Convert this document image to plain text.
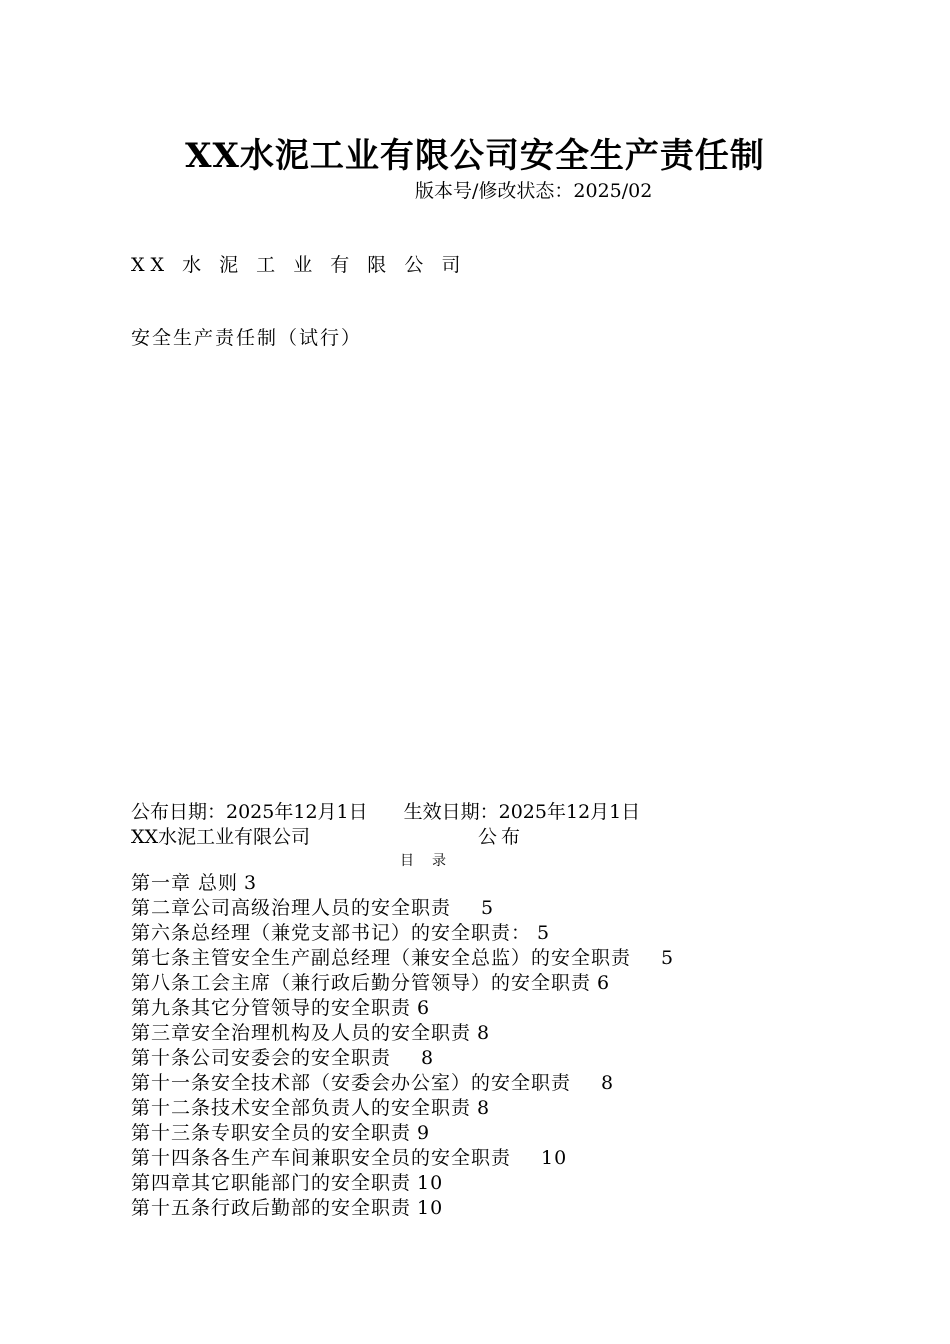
XX水泥工业有限公司安全生产责任制
版本号/修改状态：2025/02
XX 水 泥 工 业 有 限 公 司
安全生产责任制（试行）
公布日期：2025年12月1日 生效日期：2025年12月1日
XX水泥工业有限公司	公布
目录
第一章 总则 3
第二章公司高级治理人员的安全职责 5
第六条总经理（兼党支部书记）的安全职责： 5
第七条主管安全生产副总经理（兼安全总监）的安全职责 5
第八条工会主席（兼行政后勤分管领导）的安全职责 6
第九条其它分管领导的安全职责 6
第三章安全治理机构及人员的安全职责 8
第十条公司安委会的安全职责 8
第十一条安全技术部（安委会办公室）的安全职责 8
第十二条技术安全部负责人的安全职责 8
第十三条专职安全员的安全职责 9
第十四条各生产车间兼职安全员的安全职责 10
第四章其它职能部门的安全职责 10
第十五条行政后勤部的安全职责 10
